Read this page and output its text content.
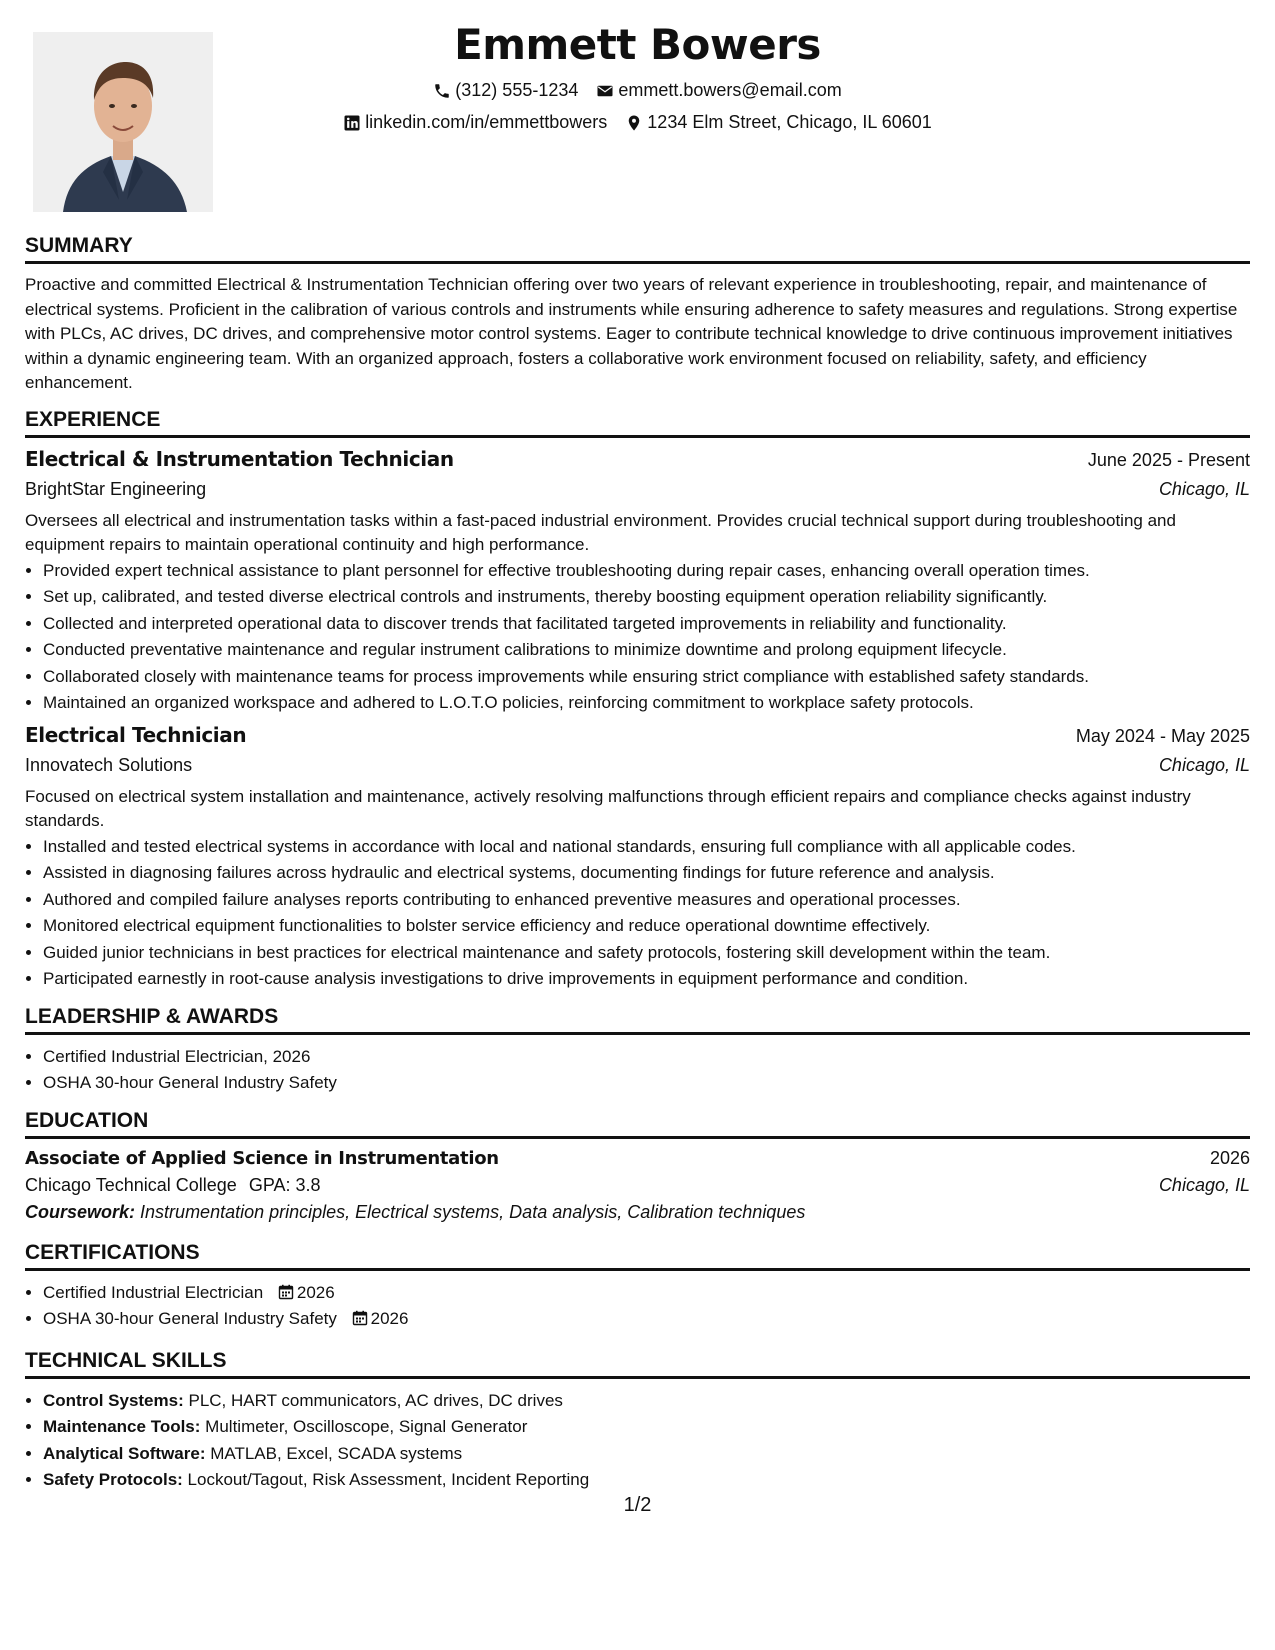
Emmett Bowers
(312) 555-1234 emmett.bowers@email.com
linkedin.com/in/emmettbowers 1234 Elm Street, Chicago, IL 60601
SUMMARY

Proactive and committed Electrical & Instrumentation Technician offering over two years of relevant experience in troubleshooting, repair, and maintenance of electrical systems. Proficient in the calibration of various controls and instruments while ensuring adherence to safety measures and regulations. Strong expertise with PLCs, AC drives, DC drives, and comprehensive motor control systems. Eager to contribute technical knowledge to drive continuous improvement initiatives within a dynamic engineering team. With an organized approach, fosters a collaborative work environment focused on reliability, safety, and efficiency enhancement.

EXPERIENCE
Electrical & Instrumentation Technician	June 2025 - Present
BrightStar Engineering	Chicago, IL
Oversees all electrical and instrumentation tasks within a fast-paced industrial environment. Provides crucial technical support during troubleshooting and equipment repairs to maintain operational continuity and high performance.
• Provided expert technical assistance to plant personnel for effective troubleshooting during repair cases, enhancing overall operation times.
• Set up, calibrated, and tested diverse electrical controls and instruments, thereby boosting equipment operation reliability significantly.
• Collected and interpreted operational data to discover trends that facilitated targeted improvements in reliability and functionality.
• Conducted preventative maintenance and regular instrument calibrations to minimize downtime and prolong equipment lifecycle.
• Collaborated closely with maintenance teams for process improvements while ensuring strict compliance with established safety standards.
• Maintained an organized workspace and adhered to L.O.T.O policies, reinforcing commitment to workplace safety protocols.
Electrical Technician	May 2024 - May 2025
Innovatech Solutions	Chicago, IL
Focused on electrical system installation and maintenance, actively resolving malfunctions through efficient repairs and compliance checks against industry standards.
• Installed and tested electrical systems in accordance with local and national standards, ensuring full compliance with all applicable codes.
• Assisted in diagnosing failures across hydraulic and electrical systems, documenting findings for future reference and analysis.
• Authored and compiled failure analyses reports contributing to enhanced preventive measures and operational processes.
• Monitored electrical equipment functionalities to bolster service efficiency and reduce operational downtime effectively.
• Guided junior technicians in best practices for electrical maintenance and safety protocols, fostering skill development within the team.
• Participated earnestly in root-cause analysis investigations to drive improvements in equipment performance and condition.
LEADERSHIP & AWARDS
• Certified Industrial Electrician, 2026
• OSHA 30-hour General Industry Safety
EDUCATION
Associate of Applied Science in Instrumentation	2026
Chicago Technical College GPA: 3.8	Chicago, IL
Coursework: Instrumentation principles, Electrical systems, Data analysis, Calibration techniques
CERTIFICATIONS
• Certified Industrial Electrician 2026
• OSHA 30-hour General Industry Safety 2026
TECHNICAL SKILLS
• Control Systems: PLC, HART communicators, AC drives, DC drives
• Maintenance Tools: Multimeter, Oscilloscope, Signal Generator
• Analytical Software: MATLAB, Excel, SCADA systems
• Safety Protocols: Lockout/Tagout, Risk Assessment, Incident Reporting
1/2
